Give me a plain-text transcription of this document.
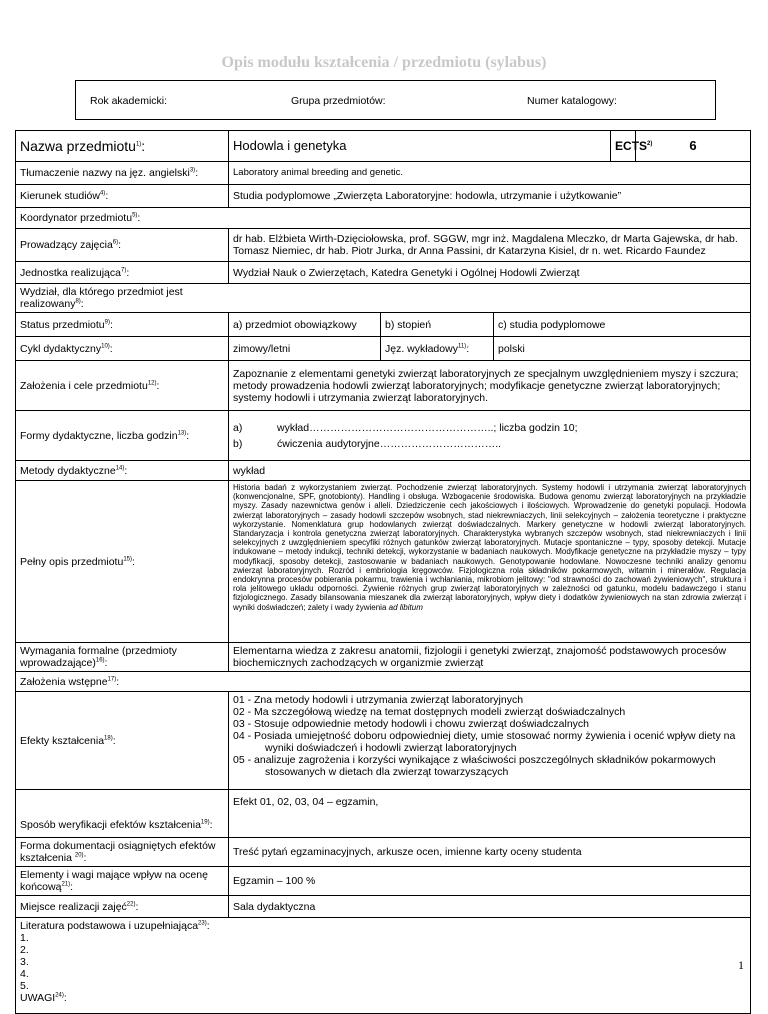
Opis modułu kształcenia / przedmiotu (sylabus)
Rok akademicki:	Grupa przedmiotów:	Numer katalogowy:
Nazwa przedmiotu$^{1)}$:	Hodowla i genetyka	ECTS$^{2)}$	6
Tłumaczenie nazwy na jęz. angielski$^{3)}$:	Laboratory animal breeding and genetic.
Kierunek studiów$^{4)}$:	Studia podyplomowe „Zwierzęta Laboratoryjne: hodowla, utrzymanie i użytkowanie”
Koordynator przedmiotu$^{5)}$:
Prowadzący zajęcia$^{6)}$:	dr hab. Elżbieta Wirth-Dzięciołowska, prof. SGGW, mgr inż. Magdalena Mleczko, dr Marta Gajewska, dr hab.
Tomasz Niemiec, dr hab. Piotr Jurka, dr Anna Passini, dr Katarzyna Kisiel, dr n. wet. Ricardo Faundez

Jednostka realizująca$^{7)}$:	Wydział Nauk o Zwierzętach, Katedra Genetyki i Ogólnej Hodowli Zwierząt

Wydział, dla którego przedmiot jest
realizowany$^{8)}$:

Status przedmiotu$^{9)}$:	a) przedmiot obowiązkowy	b) stopień	c) studia podyplomowe
Cykl dydaktyczny$^{10)}$:	zimowy/letni	Jęz. wykładowy$^{11)}$:	polski
Założenia i cele przedmiotu$^{12)}$:	Zapoznanie z elementami genetyki zwierząt laboratoryjnych ze specjalnym uwzględnieniem myszy i szczura; metody prowadzenia hodowli zwierząt laboratoryjnych; modyfikacje genetyczne zwierząt laboratoryjnych; systemy hodowli i utrzymania zwierząt laboratoryjnych.
Formy dydaktyczne, liczba godzin$^{13)}$:	
a)	wykład……………………………………………..; liczba godzin 10;
b)	ćwiczenia audytoryjne……………………………..

Metody dydaktyczne$^{14)}$:	wykład
Pełny opis przedmiotu$^{15)}$:	Historia badań z wykorzystaniem zwierząt. Pochodzenie zwierząt laboratoryjnych. Systemy hodowli i utrzymania zwierząt laboratoryjnych (konwencjonalne, SPF, gnotobionty). Handling i obsługa. Wzbogacenie środowiska. Budowa genomu zwierząt laboratoryjnych na przykładzie myszy. Zasady nazewnictwa genów i alleli. Dziedziczenie cech jakościowych i ilościowych. Wprowadzenie do genetyki populacji. Hodowla zwierząt laboratoryjnych – zasady hodowli szczepów wsobnych, stad niekrewniaczych, linii selekcyjnych – założenia teoretyczne i praktyczne wykorzystanie. Nomenklatura grup hodowlanych zwierząt doświadczalnych. Markery genetyczne w hodowli zwierząt laboratoryjnych. Standaryzacja i kontrola genetyczna zwierząt laboratoryjnych. Charakterystyka wybranych szczepów wsobnych, stad niekrewniaczych i linii selekcyjnych z uwzględnieniem specyfiki różnych gatunków zwierząt laboratoryjnych. Mutacje spontaniczne – typy, sposoby detekcji. Mutacje indukowane – metody indukcji, techniki detekcji, wykorzystanie w badaniach naukowych. Modyfikacje genetyczne na przykładzie myszy – typy modyfikacji, sposoby detekcji, zastosowanie w badaniach naukowych. Genotypowanie hodowlane. Nowoczesne techniki analizy genomu zwierząt laboratoryjnych. Rozród i embriologia kręgowców. Fizjologiczna rola składników pokarmowych, witamin i minerałów. Regulacja endokrynna procesów pobierania pokarmu, trawienia i wchłaniania, mikrobiom jelitowy: "od strawności do zachowań żywieniowych", struktura i rola jelitowego układu odporności. Żywienie różnych grup zwierząt laboratoryjnych w zależności od gatunku, modelu badawczego i stanu fizjologicznego. Zasady bilansowania mieszanek dla zwierząt laboratoryjnych, wpływ diety i dodatków żywieniowych na stan zdrowia zwierząt i wyniki doświadczeń; zalety i wady żywienia ad libitum

Wymagania formalne (przedmioty
wprowadzające)$^{16)}$:
	Elementarna wiedza z zakresu anatomii, fizjologii i genetyki zwierząt, znajomość podstawowych procesów biochemicznych zachodzących w organizmie zwierząt
Założenia wstępne$^{17)}$:
Efekty kształcenia$^{18)}$:	
01 - Zna metody hodowli i utrzymania zwierząt laboratoryjnych
02 - Ma szczegółową wiedzę na temat dostępnych modeli zwierząt doświadczalnych
03 - Stosuje odpowiednie metody hodowli i chowu zwierząt doświadczalnych
04 - Posiada umiejętność doboru odpowiedniej diety, umie stosować normy żywienia i ocenić wpływ diety na
wyniki doświadczeń i hodowli zwierząt laboratoryjnych
05 - analizuje zagrożenia i korzyści wynikające z właściwości poszczególnych składników pokarmowych
stosowanych w dietach dla zwierząt towarzyszących

Sposób weryfikacji efektów kształcenia$^{19)}$:	Efekt 01, 02, 03, 04 – egzamin,

Forma dokumentacji osiągniętych efektów
kształcenia $^{20)}$:	Treść pytań egzaminacyjnych, arkusze ocen, imienne karty oceny studenta

Elementy i wagi mające wpływ na ocenę
końcową$^{21)}$:	Egzamin – 100 %
Miejsce realizacji zajęć$^{22)}$:	Sala dydaktyczna

Literatura podstawowa i uzupełniająca$^{23)}$:
1.
2.
3.
4.
5.
UWAGI$^{24)}$:
1
